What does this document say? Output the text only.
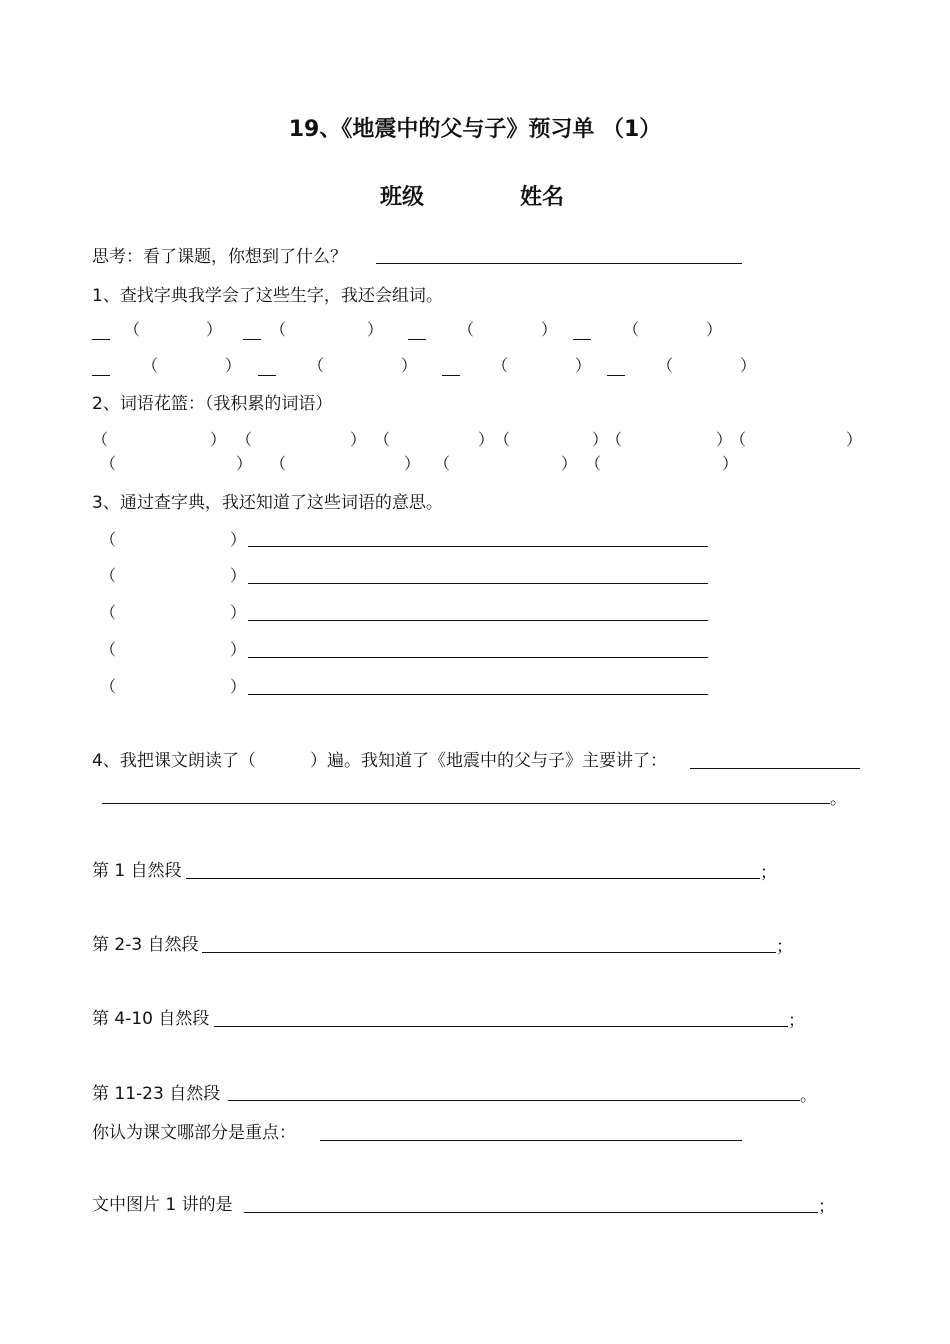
19、《地震中的父与子》预习单 （1）
班级	姓名
思考：看了课题，你想到了什么？
1、查找字典我学会了这些生字，我还会组词。
（	）	（	）	（	）	（	）
（	）	（	）	（	）	（	）
2、词语花篮：（我积累的词语）
（	） （	） （	） （	）
（	）
（	）
（	） （	） （	） （	）
3、通过查字典，我还知道了这些词语的意思。
（	）
（	）
（	）
（	）
（	）
4、我把课文朗读了（	）遍。我知道了《地震中的父与子》主要讲了：
。
第 1 自然段	；
第 2-3 自然段	；
第 4-10 自然段	；
第 11-23 自然段	。
你认为课文哪部分是重点：
文中图片 1 讲的是	；
